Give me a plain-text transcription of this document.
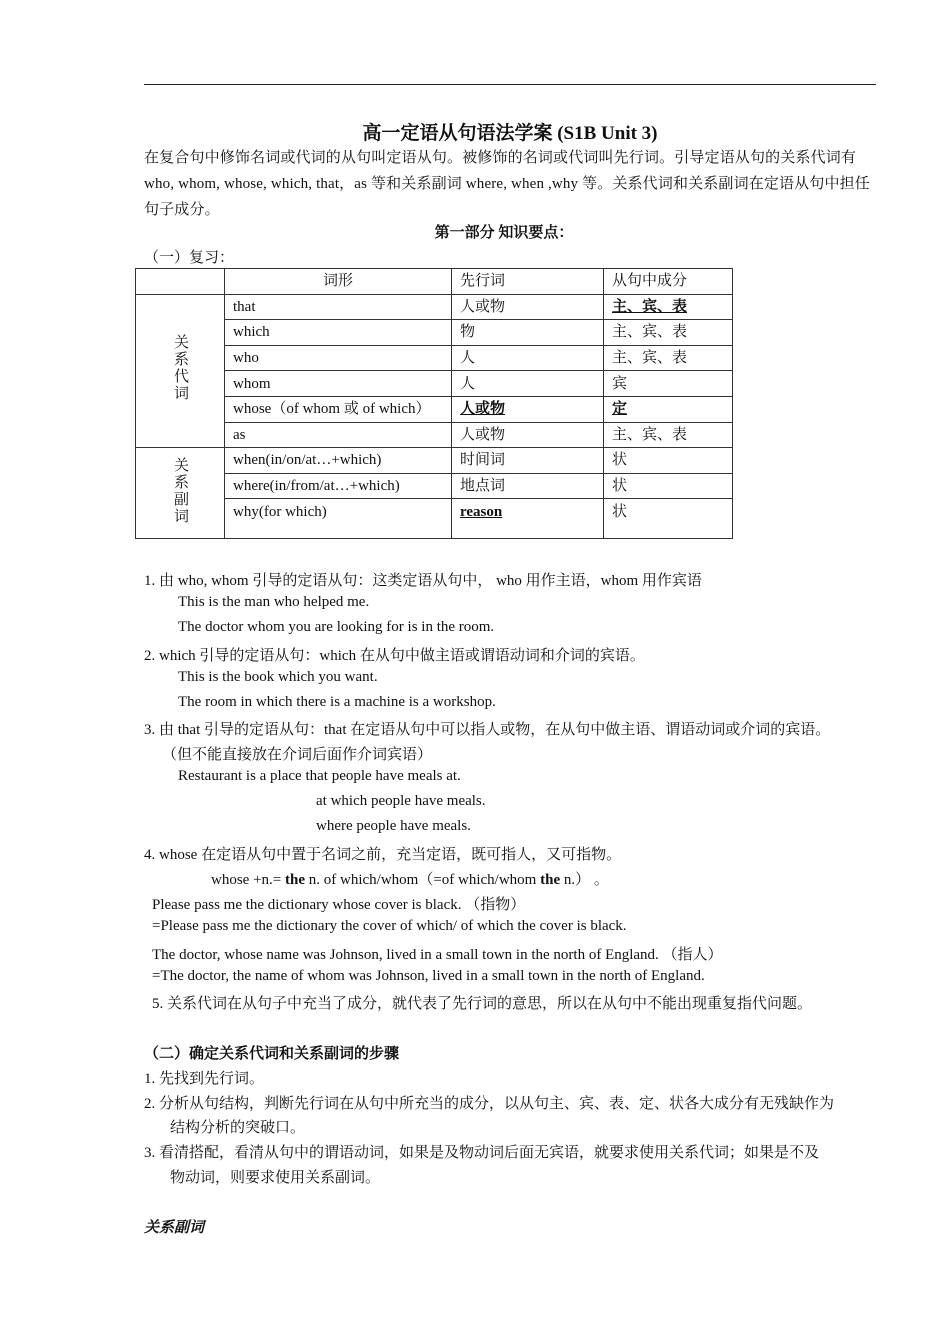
高一定语从句语法学案 (S1B Unit 3)
在复合句中修饰名词或代词的从句叫定语从句。被修饰的名词或代词叫先行词。引导定语从句的关系代词有 who, whom, whose, which, that，as 等和关系副词 where, when ,why 等。关系代词和关系副词在定语从句中担任句子成分。
第一部分 知识要点：
（一）复习：
	词形	先行词	从句中成分
关系代词	that	人或物	主、宾、表
	which	物	主、宾、表
	who	人	主、宾、表
	whom	人	宾
	whose（of whom 或 of which）	人或物	定
	as	人或物	主、宾、表
关系副词	when(in/on/at…+which)	时间词	状
	where(in/from/at…+which)	地点词	状
	why(for which)	reason	状
1. 由 who, whom 引导的定语从句：这类定语从句中， who 用作主语，whom 用作宾语
This is the man who helped me.
The doctor whom you are looking for is in the room.
2. which 引导的定语从句：which 在从句中做主语或谓语动词和介词的宾语。
This is the book which you want.
The room in which there is a machine is a workshop.
3. 由 that 引导的定语从句：that 在定语从句中可以指人或物，在从句中做主语、谓语动词或介词的宾语。
（但不能直接放在介词后面作介词宾语）
Restaurant is a place that people have meals at.
at which people have meals.
where people have meals.
4. whose 在定语从句中置于名词之前，充当定语，既可指人，又可指物。
whose +n.= the n. of which/whom（=of which/whom the n.） 。
Please pass me the dictionary whose cover is black. （指物）
=Please pass me the dictionary the cover of which/ of which the cover is black.
The doctor, whose name was Johnson, lived in a small town in the north of England. （指人）
=The doctor, the name of whom was Johnson, lived in a small town in the north of England.
5. 关系代词在从句子中充当了成分，就代表了先行词的意思，所以在从句中不能出现重复指代问题。
（二）确定关系代词和关系副词的步骤
1. 先找到先行词。
2. 分析从句结构，判断先行词在从句中所充当的成分，以从句主、宾、表、定、状各大成分有无残缺作为
结构分析的突破口。
3. 看清搭配，看清从句中的谓语动词，如果是及物动词后面无宾语，就要求使用关系代词；如果是不及
物动词，则要求使用关系副词。
关系副词
